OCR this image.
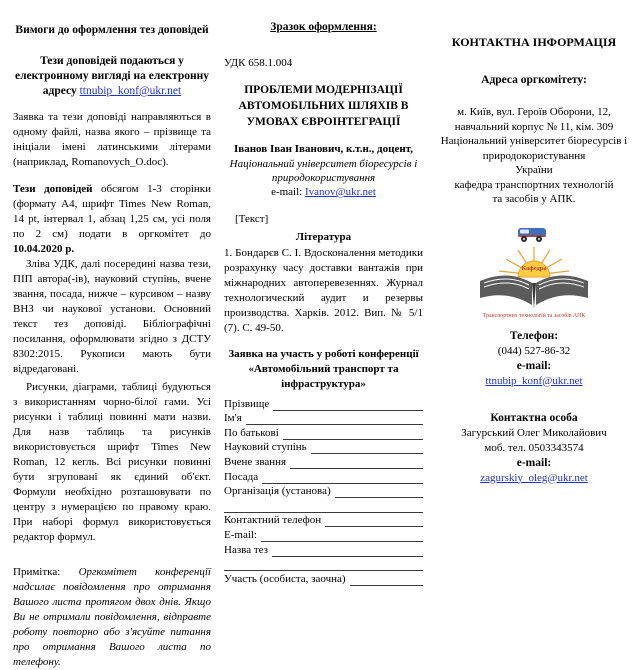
Вимоги до оформлення тез доповідей
Тези доповідей подаються у електронному вигляді на електронну адресу ttnubip_konf@ukr.net
Заявка та тези доповіді направляються в одному файлі, назва якого – прізвище та ініціали імені латинськими літерами (наприклад, Romanovych_O.doc).
Тези доповідей обсягом 1-3 сторінки (формату А4, шрифт Times New Roman, 14 pt, інтервал 1, абзац 1,25 см, усі поля по 2 см) подати в оргкомітет до 10.04.2020 р.
Зліва УДК, далі посередині назва тези, ПІП автора(-ів), науковий ступінь, вчене звання, посада, нижче – курсивом – назву ВНЗ чи наукової установи. Основний текст тез доповіді. Бібліографічні посилання, оформлювати згідно з ДСТУ 8302:2015. Рукописи мають бути відредаговані.
Рисунки, діаграми, таблиці будуються з використанням чорно-білої гами. Усі рисунки і таблиці повинні мати назви. Для назв таблиць та рисунків використовується шрифт Times New Roman, 12 кегль. Всі рисунки повинні бути згруповані як єдиний об'єкт. Формули необхідно розташовувати по центру з нумерацією по правому краю. При наборі формул використовується редактор формул.
Примітка: Оргкомітет конференції надсилає повідомлення про отримання Вашого листа протягом двох днів. Якщо Ви не отримали повідомлення, відправте роботу повторно або з'ясуйте питання про отримання Вашого листа по телефону.
Зразок оформлення:
УДК 658.1.004
ПРОБЛЕМИ МОДЕРНІЗАЦІЇ АВТОМОБІЛЬНИХ ШЛЯХІВ В УМОВАХ ЄВРОІНТЕГРАЦІЇ
Іванов Іван Іванович, к.т.н., доцент,
Національний університет біоресурсів і природокористування
e-mail: Ivanov@ukr.net
[Текст]
Література
1. Бондарєв С. І. Вдосконалення методики розрахунку часу доставки вантажів при міжнародних автоперевезеннях. Журнал технологический аудит и резервы производства. Харків. 2012. Вип. № 5/1 (7). С. 49-50.
Заявка на участь у роботі конференції «Автомобільний транспорт та інфраструктура»
Прізвище
Ім'я
По батькові
Науковий ступінь
Вчене звання
Посада
Організація (установа)
Контактний телефон
E-mail:
Назва тез
Участь (особиста, заочна)
КОНТАКТНА ІНФОРМАЦІЯ
Адреса оргкомітету:
м. Київ, вул. Героїв Оборони, 12,
навчальний корпус № 11, кім. 309
Національний університет біоресурсів і
природокористування
України
кафедра транспортних технологій
та засобів у АПК.
Кафедра
Транспортних технологій та засобів АПК
Телефон:
(044) 527-86-32
e-mail:
ttnubip_konf@ukr.net
Контактна особа
Загурський Олег Миколайович
моб. тел. 0503343574
e-mail:
zagurskiy_oleg@ukr.net
